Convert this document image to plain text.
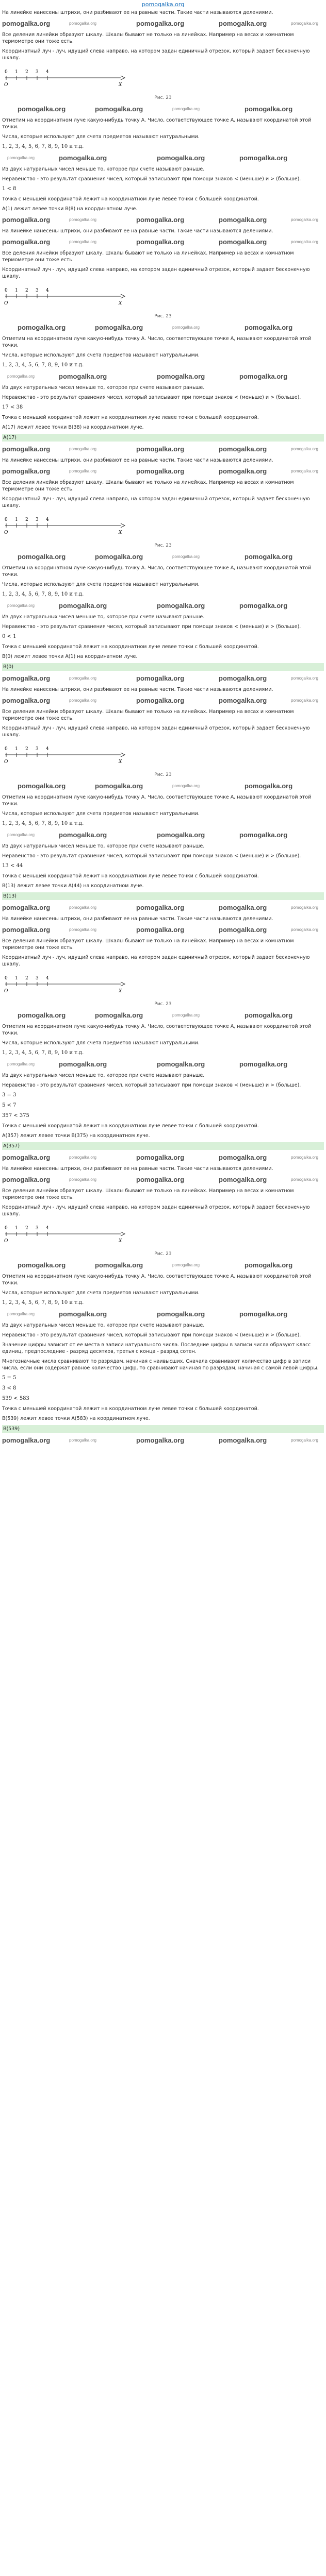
pomogalka.org
На линейке нанесены штрихи, они разбивают ее на равные части. Такие части называются делениями.
pomogalka.org	pomogalka.org	pomogalka.org	pomogalka.org	pomogalka.org
Все деления линейки образуют шкалу. Шкалы бывают не только на линейках. Например на весах и комнатном термометре они тоже есть.
Координатный луч - луч, идущий слева направо, на котором задан единичный отрезок, который задает бесконечную шкалу.
0 1 2 3 4
O	X
Рис. 23
pomogalka.org	pomogalka.org	pomogalka.org	pomogalka.org
Отметим на координатном луче какую-нибудь точку А. Число, соответствующее точке А, называют координатой этой точки.
Числа, которые используют для счета предметов называют натуральными.
1, 2, 3, 4, 5, 6, 7, 8, 9, 10 и т.д.
pomogalka.org	pomogalka.org	pomogalka.org	pomogalka.org
Из двух натуральных чисел меньше то, которое при счете называют раньше.
Неравенство - это результат сравнения чисел, который записывают при помощи знаков < (меньше) и > (больше).
1 < 8
Точка с меньшей координатой лежит на координатном луче левее точки с большей координатой.
A(1) лежит левее точки B(8) на координатном луче.
pomogalka.org	pomogalka.org	pomogalka.org	pomogalka.org	pomogalka.org
На линейке нанесены штрихи, они разбивают ее на равные части. Такие части называются делениями.
pomogalka.org	pomogalka.org	pomogalka.org	pomogalka.org	pomogalka.org
Все деления линейки образуют шкалу. Шкалы бывают не только на линейках. Например на весах и комнатном термометре они тоже есть.
Координатный луч - луч, идущий слева направо, на котором задан единичный отрезок, который задает бесконечную шкалу.
0 1 2 3 4
O	X
Рис. 23
pomogalka.org	pomogalka.org	pomogalka.org	pomogalka.org
Отметим на координатном луче какую-нибудь точку А. Число, соответствующее точке А, называют координатой этой точки.
Числа, которые используют для счета предметов называют натуральными.
1, 2, 3, 4, 5, 6, 7, 8, 9, 10 и т.д.
pomogalka.org	pomogalka.org	pomogalka.org	pomogalka.org
Из двух натуральных чисел меньше то, которое при счете называют раньше.
Неравенство - это результат сравнения чисел, который записывают при помощи знаков < (меньше) и > (больше).
17 < 38
Точка с меньшей координатой лежит на координатном луче левее точки с большей координатой.
A(17) лежит левее точки B(38) на координатном луче.
A(17)
pomogalka.org	pomogalka.org	pomogalka.org	pomogalka.org	pomogalka.org
На линейке нанесены штрихи, они разбивают ее на равные части. Такие части называются делениями.
pomogalka.org	pomogalka.org	pomogalka.org	pomogalka.org	pomogalka.org
Все деления линейки образуют шкалу. Шкалы бывают не только на линейках. Например на весах и комнатном термометре они тоже есть.
Координатный луч - луч, идущий слева направо, на котором задан единичный отрезок, который задает бесконечную шкалу.
0 1 2 3 4
O	X
Рис. 23
pomogalka.org	pomogalka.org	pomogalka.org	pomogalka.org
Отметим на координатном луче какую-нибудь точку А. Число, соответствующее точке А, называют координатой этой точки.
Числа, которые используют для счета предметов называют натуральными.
1, 2, 3, 4, 5, 6, 7, 8, 9, 10 и т.д.
pomogalka.org	pomogalka.org	pomogalka.org	pomogalka.org
Из двух натуральных чисел меньше то, которое при счете называют раньше.
Неравенство - это результат сравнения чисел, который записывают при помощи знаков < (меньше) и > (больше).
0 < 1
Точка с меньшей координатой лежит на координатном луче левее точки с большей координатой.
B(0) лежит левее точки A(1) на координатном луче.
B(0)
pomogalka.org	pomogalka.org	pomogalka.org	pomogalka.org	pomogalka.org
На линейке нанесены штрихи, они разбивают ее на равные части. Такие части называются делениями.
pomogalka.org	pomogalka.org	pomogalka.org	pomogalka.org	pomogalka.org
Все деления линейки образуют шкалу. Шкалы бывают не только на линейках. Например на весах и комнатном термометре они тоже есть.
Координатный луч - луч, идущий слева направо, на котором задан единичный отрезок, который задает бесконечную шкалу.
0 1 2 3 4
O	X
Рис. 23
pomogalka.org	pomogalka.org	pomogalka.org	pomogalka.org
Отметим на координатном луче какую-нибудь точку А. Число, соответствующее точке А, называют координатой этой точки.
Числа, которые используют для счета предметов называют натуральными.
1, 2, 3, 4, 5, 6, 7, 8, 9, 10 и т.д.
pomogalka.org	pomogalka.org	pomogalka.org	pomogalka.org
Из двух натуральных чисел меньше то, которое при счете называют раньше.
Неравенство - это результат сравнения чисел, который записывают при помощи знаков < (меньше) и > (больше).
13 < 44
Точка с меньшей координатой лежит на координатном луче левее точки с большей координатой.
B(13) лежит левее точки A(44) на координатном луче.
B(13)
pomogalka.org	pomogalka.org	pomogalka.org	pomogalka.org	pomogalka.org
На линейке нанесены штрихи, они разбивают ее на равные части. Такие части называются делениями.
pomogalka.org	pomogalka.org	pomogalka.org	pomogalka.org	pomogalka.org
Все деления линейки образуют шкалу. Шкалы бывают не только на линейках. Например на весах и комнатном термометре они тоже есть.
Координатный луч - луч, идущий слева направо, на котором задан единичный отрезок, который задает бесконечную шкалу.
0 1 2 3 4
O	X
Рис. 23
pomogalka.org	pomogalka.org	pomogalka.org	pomogalka.org
Отметим на координатном луче какую-нибудь точку А. Число, соответствующее точке А, называют координатой этой точки.
Числа, которые используют для счета предметов называют натуральными.
1, 2, 3, 4, 5, 6, 7, 8, 9, 10 и т.д.
pomogalka.org	pomogalka.org	pomogalka.org	pomogalka.org
Из двух натуральных чисел меньше то, которое при счете называют раньше.
Неравенство - это результат сравнения чисел, который записывают при помощи знаков < (меньше) и > (больше).
3 = 3
5 < 7
357 < 375
Точка с меньшей координатой лежит на координатном луче левее точки с большей координатой.
A(357) лежит левее точки B(375) на координатном луче.
A(357)
pomogalka.org	pomogalka.org	pomogalka.org	pomogalka.org	pomogalka.org
На линейке нанесены штрихи, они разбивают ее на равные части. Такие части называются делениями.
pomogalka.org	pomogalka.org	pomogalka.org	pomogalka.org	pomogalka.org
Все деления линейки образуют шкалу. Шкалы бывают не только на линейках. Например на весах и комнатном термометре они тоже есть.
Координатный луч - луч, идущий слева направо, на котором задан единичный отрезок, который задает бесконечную шкалу.
0 1 2 3 4
O	X
Рис. 23
pomogalka.org	pomogalka.org	pomogalka.org	pomogalka.org
Отметим на координатном луче какую-нибудь точку А. Число, соответствующее точке А, называют координатой этой точки.
Числа, которые используют для счета предметов называют натуральными.
1, 2, 3, 4, 5, 6, 7, 8, 9, 10 и т.д.
pomogalka.org	pomogalka.org	pomogalka.org	pomogalka.org
Из двух натуральных чисел меньше то, которое при счете называют раньше.
Неравенство - это результат сравнения чисел, который записывают при помощи знаков < (меньше) и > (больше).
Значение цифры зависит от ее места в записи натурального числа. Последние цифры в записи числа образуют класс единиц, предпоследние - разряд десятков, третья с конца - разряд сотен.
Многозначные числа сравнивают по разрядам, начиная с наивысших. Сначала сравнивают количество цифр в записи числа, если они содержат равное количество цифр, то сравнивают начиная по разрядам, начиная с самой левой цифры.
5 = 5
3 < 8
539 < 583
Точка с меньшей координатой лежит на координатном луче левее точки с большей координатой.
B(539) лежит левее точки A(583) на координатном луче.
B(539)
pomogalka.org	pomogalka.org	pomogalka.org	pomogalka.org	pomogalka.org
